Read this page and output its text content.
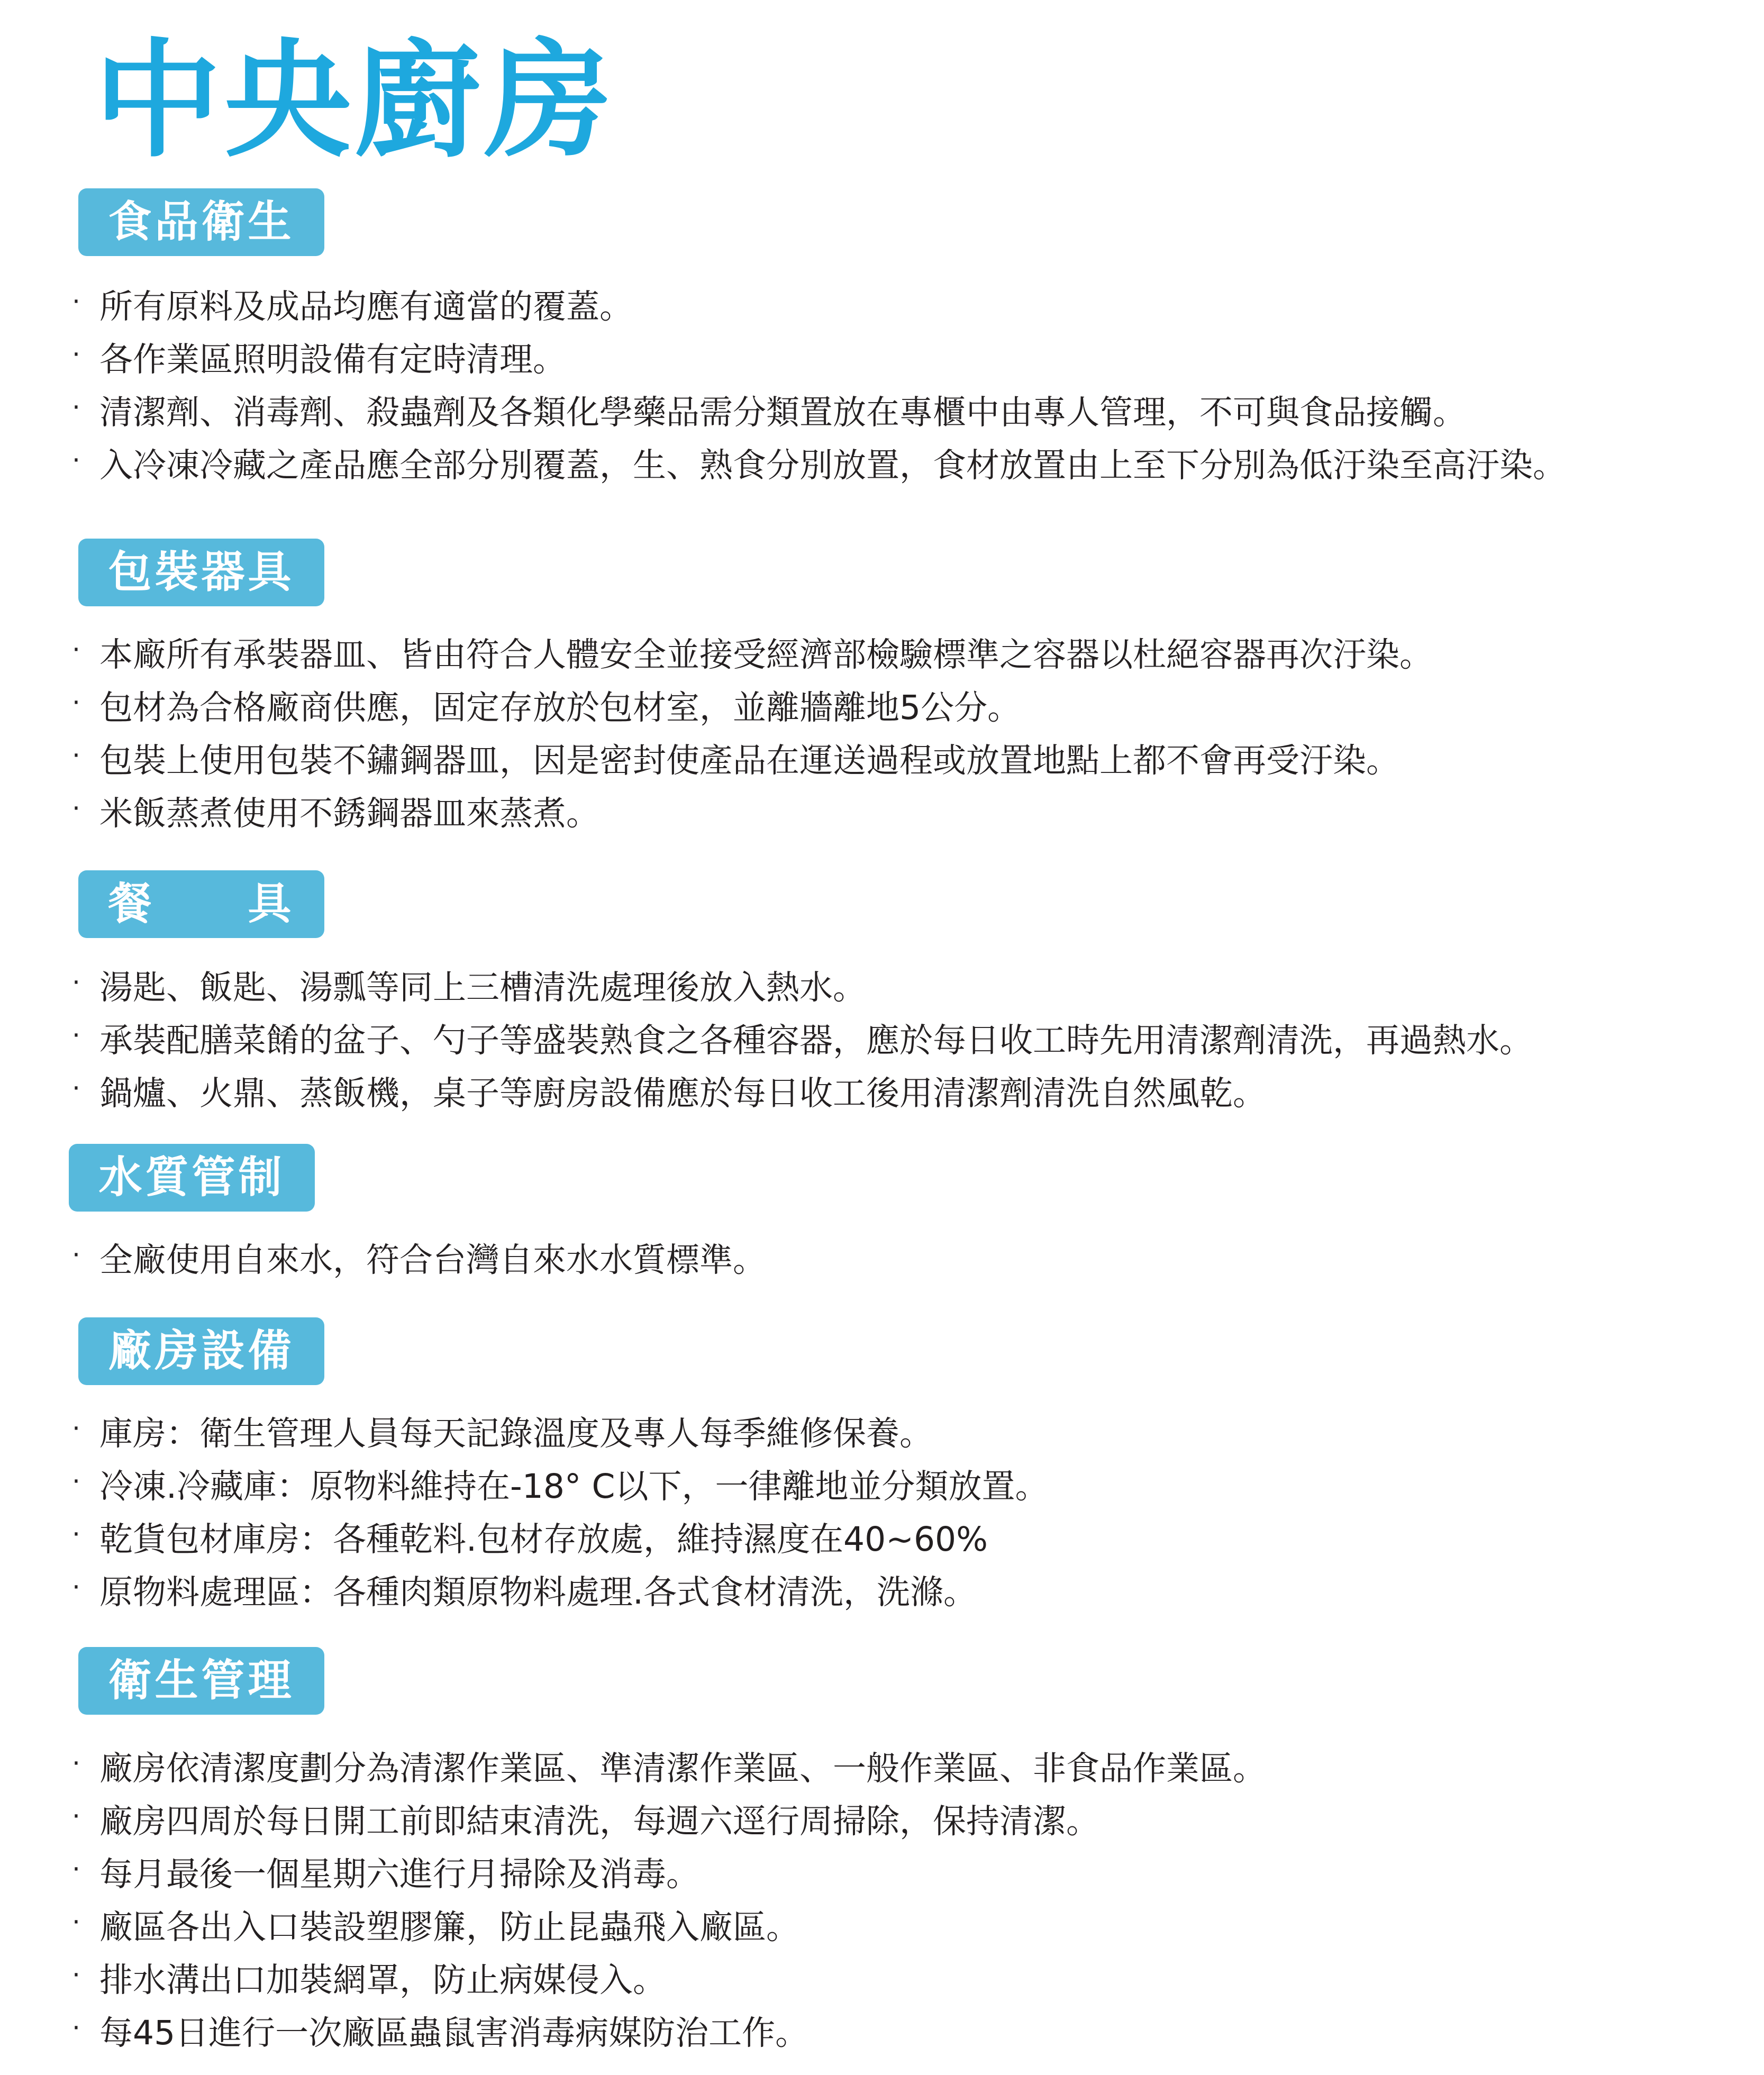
中央廚房
食品衛生
· 所有原料及成品均應有適當的覆蓋。
· 各作業區照明設備有定時清理。
· 清潔劑、消毒劑、殺蟲劑及各類化學藥品需分類置放在專櫃中由專人管理，不可與食品接觸。
· 入冷凍冷藏之產品應全部分別覆蓋，生、熟食分別放置，食材放置由上至下分別為低汙染至高汙染。
包裝器具
· 本廠所有承裝器皿、皆由符合人體安全並接受經濟部檢驗標準之容器以杜絕容器再次汙染。
· 包材為合格廠商供應，固定存放於包材室，並離牆離地5公分。
· 包裝上使用包裝不鏽鋼器皿，因是密封使產品在運送過程或放置地點上都不會再受汙染。
· 米飯蒸煮使用不銹鋼器皿來蒸煮。
餐　　具
· 湯匙、飯匙、湯瓢等同上三槽清洗處理後放入熱水。
· 承裝配膳菜餚的盆子、勺子等盛裝熟食之各種容器，應於每日收工時先用清潔劑清洗，再過熱水。
· 鍋爐、火鼎、蒸飯機，桌子等廚房設備應於每日收工後用清潔劑清洗自然風乾。
水質管制
· 全廠使用自來水，符合台灣自來水水質標準。
廠房設備
· 庫房：衛生管理人員每天記錄溫度及專人每季維修保養。
· 冷凍.冷藏庫：原物料維持在-18° C以下，一律離地並分類放置。
· 乾貨包材庫房：各種乾料.包材存放處，維持濕度在40~60%
· 原物料處理區：各種肉類原物料處理.各式食材清洗，洗滌。
衛生管理
· 廠房依清潔度劃分為清潔作業區、準清潔作業區、一般作業區、非食品作業區。
· 廠房四周於每日開工前即結束清洗，每週六逕行周掃除，保持清潔。
· 每月最後一個星期六進行月掃除及消毒。
· 廠區各出入口裝設塑膠簾，防止昆蟲飛入廠區。
· 排水溝出口加裝網罩，防止病媒侵入。
· 每45日進行一次廠區蟲鼠害消毒病媒防治工作。
